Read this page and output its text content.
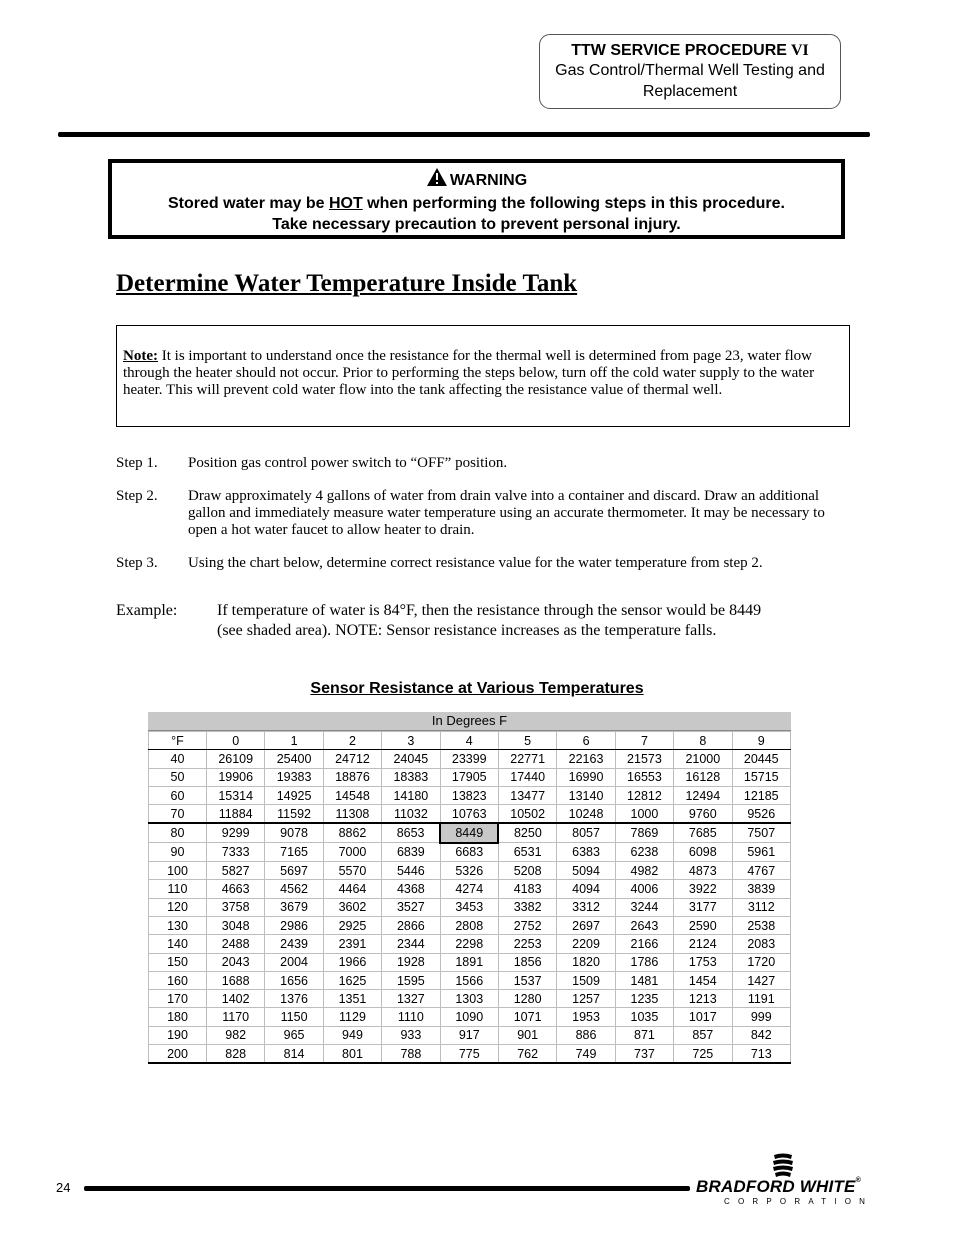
TTW SERVICE PROCEDURE VI
Gas Control/Thermal Well Testing and
Replacement
WARNING
Stored water may be HOT when performing the following steps in this procedure.
Take necessary precaution to prevent personal injury.
Determine Water Temperature Inside Tank
Note: It is important to understand once the resistance for the thermal well is determined from page 23, water flow through the heater should not occur. Prior to performing the steps below, turn off the cold water supply to the water heater. This will prevent cold water flow into the tank affecting the resistance value of thermal well.
Step 1.	Position gas control power switch to “OFF” position.
Step 2.	Draw approximately 4 gallons of water from drain valve into a container and discard. Draw an additional gallon and immediately measure water temperature using an accurate thermometer. It may be necessary to open a hot water faucet to allow heater to drain.
Step 3.	Using the chart below, determine correct resistance value for the water temperature from step 2.
Example: If temperature of water is 84°F, then the resistance through the sensor would be 8449 (see shaded area). NOTE: Sensor resistance increases as the temperature falls.
Sensor Resistance at Various Temperatures
In Degrees F
°F	0	1	2	3	4	5	6	7	8	9
40	26109	25400	24712	24045	23399	22771	22163	21573	21000	20445
50	19906	19383	18876	18383	17905	17440	16990	16553	16128	15715
60	15314	14925	14548	14180	13823	13477	13140	12812	12494	12185
70	11884	11592	11308	11032	10763	10502	10248	1000	9760	9526
80	9299	9078	8862	8653	8449	8250	8057	7869	7685	7507
90	7333	7165	7000	6839	6683	6531	6383	6238	6098	5961
100	5827	5697	5570	5446	5326	5208	5094	4982	4873	4767
110	4663	4562	4464	4368	4274	4183	4094	4006	3922	3839
120	3758	3679	3602	3527	3453	3382	3312	3244	3177	3112
130	3048	2986	2925	2866	2808	2752	2697	2643	2590	2538
140	2488	2439	2391	2344	2298	2253	2209	2166	2124	2083
150	2043	2004	1966	1928	1891	1856	1820	1786	1753	1720
160	1688	1656	1625	1595	1566	1537	1509	1481	1454	1427
170	1402	1376	1351	1327	1303	1280	1257	1235	1213	1191
180	1170	1150	1129	1110	1090	1071	1953	1035	1017	999
190	982	965	949	933	917	901	886	871	857	842
200	828	814	801	788	775	762	749	737	725	713
24	BRADFORD WHITE®
CORPORATION
